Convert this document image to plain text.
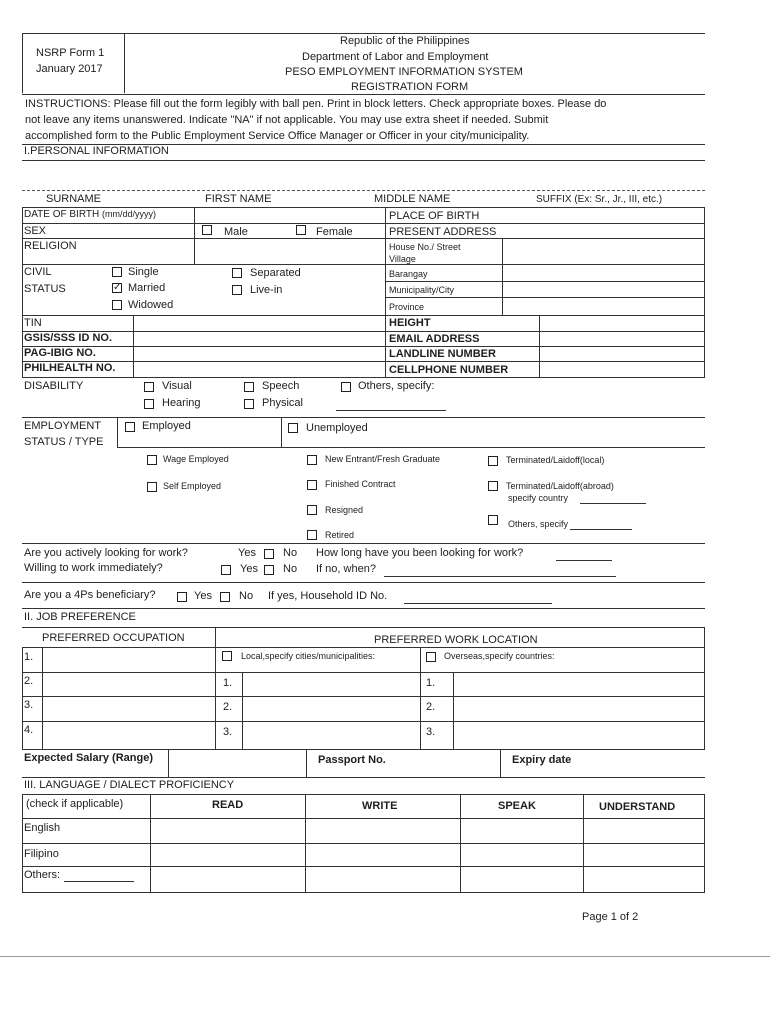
NSRP Form 1
January 2017
Republic of the Philippines
Department of Labor and Employment
PESO EMPLOYMENT INFORMATION SYSTEM
REGISTRATION FORM
INSTRUCTIONS: Please fill out the form legibly with ball pen. Print in block letters. Check appropriate boxes. Please do
not leave any items unanswered. Indicate "NA" if not applicable. You may use extra sheet if needed. Submit
accomplished form to the Public Employment Service Office Manager or Officer in your city/municipality.
I.PERSONAL INFORMATION
SURNAME	FIRST NAME	MIDDLE NAME	SUFFIX (Ex: Sr., Jr., III, etc.)
DATE OF BIRTH (mm/dd/yyyy)	PLACE OF BIRTH
SEX	Male	Female	PRESENT ADDRESS
RELIGION	House No./ Street
Village
CIVIL
STATUS
Single
✓ Married
Widowed
Separated
Live-in
Barangay
Municipality/City
Province
TIN	HEIGHT
GSIS/SSS ID NO.	EMAIL ADDRESS
PAG-IBIG NO.	LANDLINE NUMBER
PHILHEALTH NO.	CELLPHONE NUMBER
DISABILITY	Visual
Hearing
Speech
Physical
Others, specify:
EMPLOYMENT
STATUS / TYPE
Employed	Unemployed
Wage Employed
Self Employed
New Entrant/Fresh Graduate
Finished Contract
Resigned
Retired
Terminated/Laidoff(local)
Terminated/Laidoff(abroad)
specify country
Others, specify
Are you actively looking for work?	Yes No How long have you been looking for work?
Willing to work immediately?	Yes No If no, when?
Are you a 4Ps beneficiary?	Yes No If yes, Household ID No.
II. JOB PREFERENCE
PREFERRED OCCUPATION	PREFERRED WORK LOCATION
1.	Local,specify cities/municipalities:	Overseas,specify countries:
2.	1.	1.
3.	2.	2.
4.	3.	3.
Expected Salary (Range)	Passport No.	Expiry date
III. LANGUAGE / DIALECT PROFICIENCY
(check if applicable)	READ	WRITE	SPEAK	UNDERSTAND
English
Filipino
Others:
Page 1 of 2
